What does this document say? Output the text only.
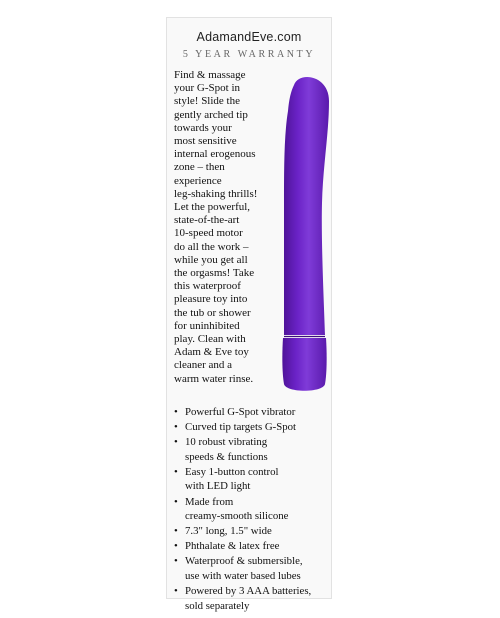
AdamandEve.com
5 YEAR WARRANTY
Find & massage
your G-Spot in
style! Slide the
gently arched tip
towards your
most sensitive
internal erogenous
zone – then
experience
leg-shaking thrills!
Let the powerful,
state-of-the-art
10-speed motor
do all the work –
while you get all
the orgasms! Take
this waterproof
pleasure toy into
the tub or shower
for uninhibited
play. Clean with
Adam & Eve toy
cleaner and a
warm water rinse.
• Powerful G-Spot vibrator
• Curved tip targets G-Spot
• 10 robust vibrating
speeds & functions
• Easy 1-button control
with LED light
• Made from
creamy-smooth silicone
• 7.3" long, 1.5" wide
• Phthalate & latex free
• Waterproof & submersible,
use with water based lubes
• Powered by 3 AAA batteries,
sold separately
